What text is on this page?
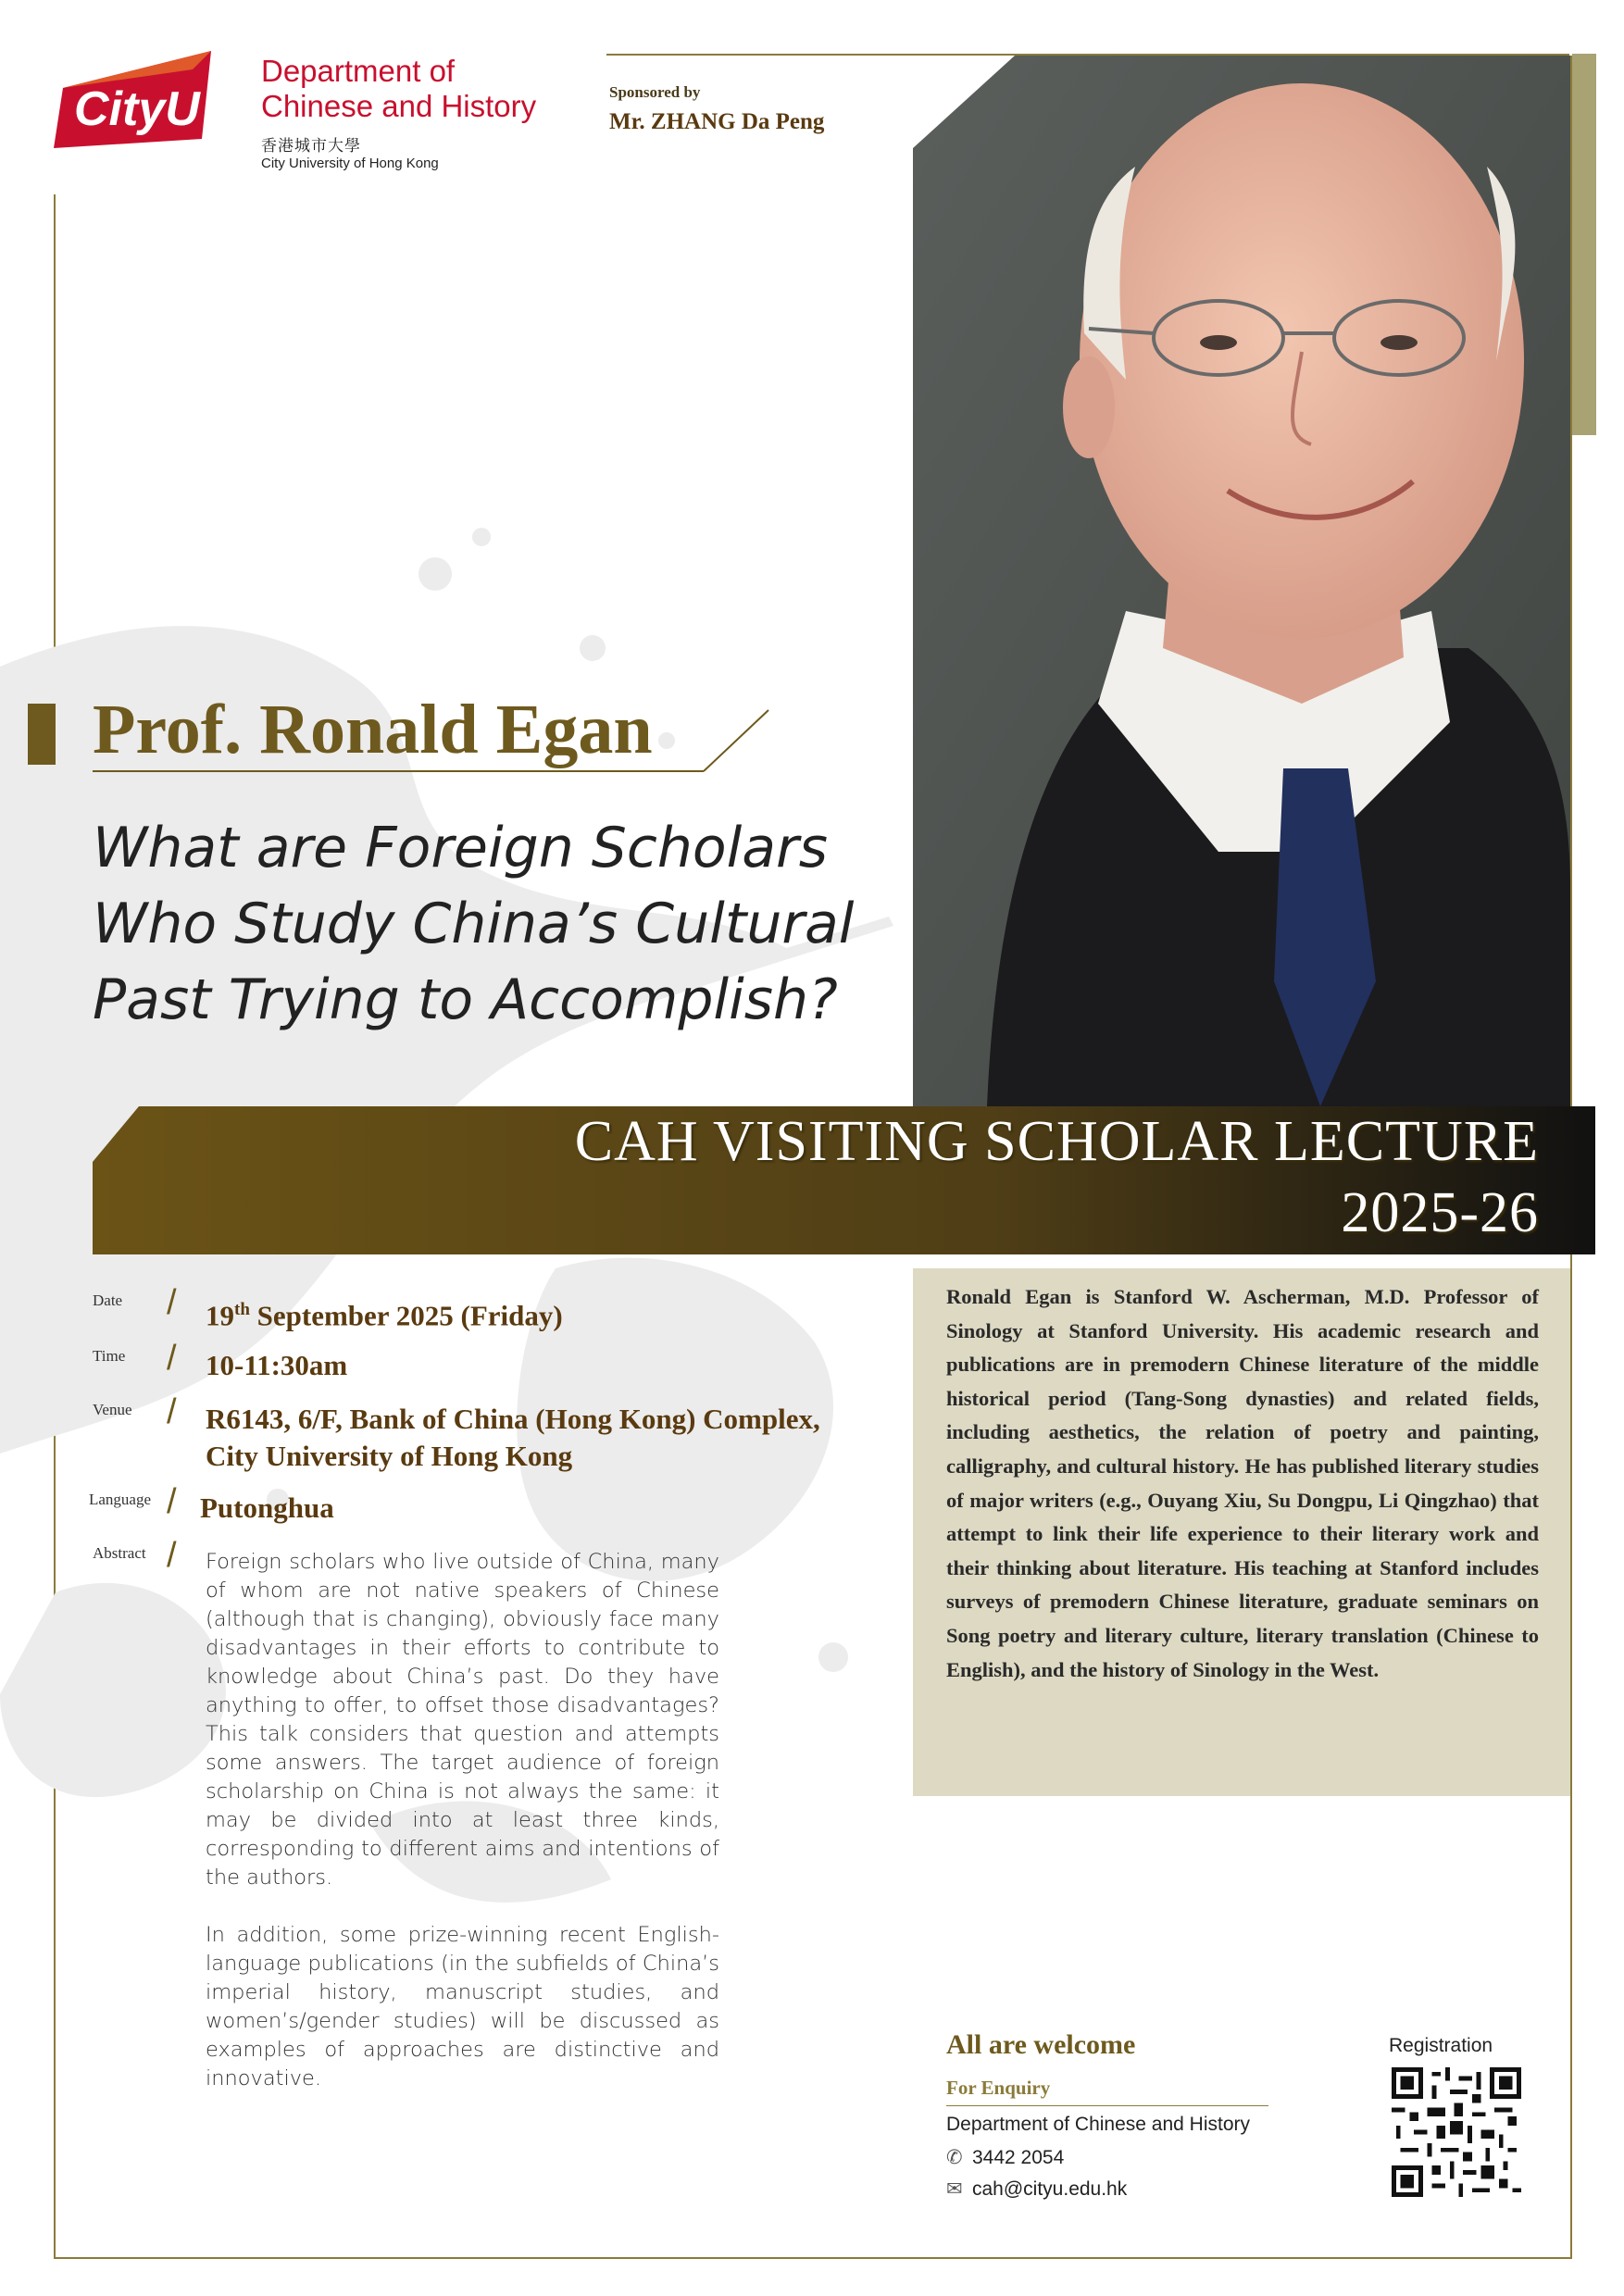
CityU
Department of
Chinese and History
香港城市大學
City University of Hong Kong
Sponsored by
Mr. ZHANG Da Peng
Prof. Ronald Egan
What are Foreign Scholars
Who Study China’s Cultural
Past Trying to Accomplish?
CAH VISITING SCHOLAR LECTURE
2025-26
Date / 19th September 2025 (Friday)
Time / 10-11:30am
Venue / R6143, 6/F, Bank of China (Hong Kong) Complex,
City University of Hong Kong
Language / Putonghua
Abstract / Foreign scholars who live outside of China, many of whom are not native speakers of Chinese (although that is changing), obviously face many disadvantages in their efforts to contribute to knowledge about China’s past. Do they have anything to offer, to offset those disadvantages? This talk considers that question and attempts some answers. The target audience of foreign scholarship on China is not always the same: it may be divided into at least three kinds, corresponding to different aims and intentions of the authors.

In addition, some prize-winning recent English-language publications (in the subfields of China’s imperial history, manuscript studies, and women’s/gender studies) will be discussed as examples of approaches are distinctive and innovative.

Ronald Egan is Stanford W. Ascherman, M.D. Professor of Sinology at Stanford University. His academic research and publications are in premodern Chinese literature of the middle historical period (Tang-Song dynasties) and related fields, including aesthetics, the relation of poetry and painting, calligraphy, and cultural history. He has published literary studies of major writers (e.g., Ouyang Xiu, Su Dongpu, Li Qingzhao) that attempt to link their life experience to their literary work and their thinking about literature. His teaching at Stanford includes surveys of premodern Chinese literature, graduate seminars on Song poetry and literary culture, literary translation (Chinese to English), and the history of Sinology in the West.
All are welcome
For Enquiry
Department of Chinese and History
✆ 3442 2054
✉ cah@cityu.edu.hk
Registration
